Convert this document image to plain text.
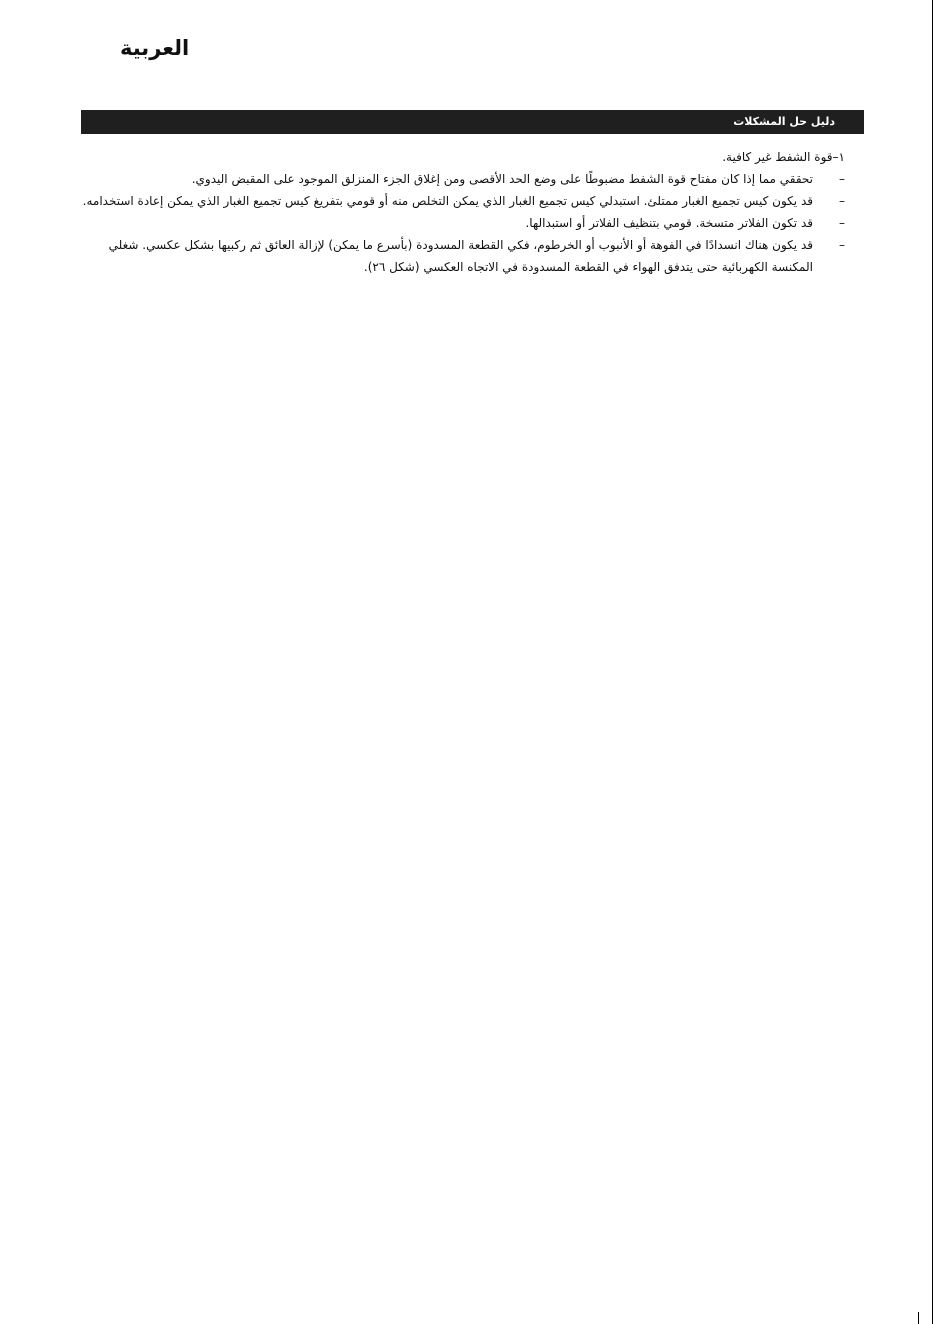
العربية
دليل حل المشكلات
١–
قوة الشفط غير كافية.
–
تحققي مما إذا كان مفتاح قوة الشفط مضبوطًا على وضع الحد الأقصى ومن إغلاق الجزء المنزلق الموجود على المقبض اليدوي.
–
قد يكون كيس تجميع الغبار ممتلئ. استبدلي كيس تجميع الغبار الذي يمكن التخلص منه أو قومي بتفريغ كيس تجميع الغبار الذي يمكن إعادة استخدامه.
–
قد تكون الفلاتر متسخة. قومي بتنظيف الفلاتر أو استبدالها.
–
قد يكون هناك انسدادًا في الفوهة أو الأنبوب أو الخرطوم، فكي القطعة المسدودة (بأسرع ما يمكن) لإزالة العائق ثم ركبيها بشكل عكسي. شغلي المكنسة الكهربائية حتى يتدفق الهواء في القطعة المسدودة في الاتجاه العكسي (شكل ٢٦).
